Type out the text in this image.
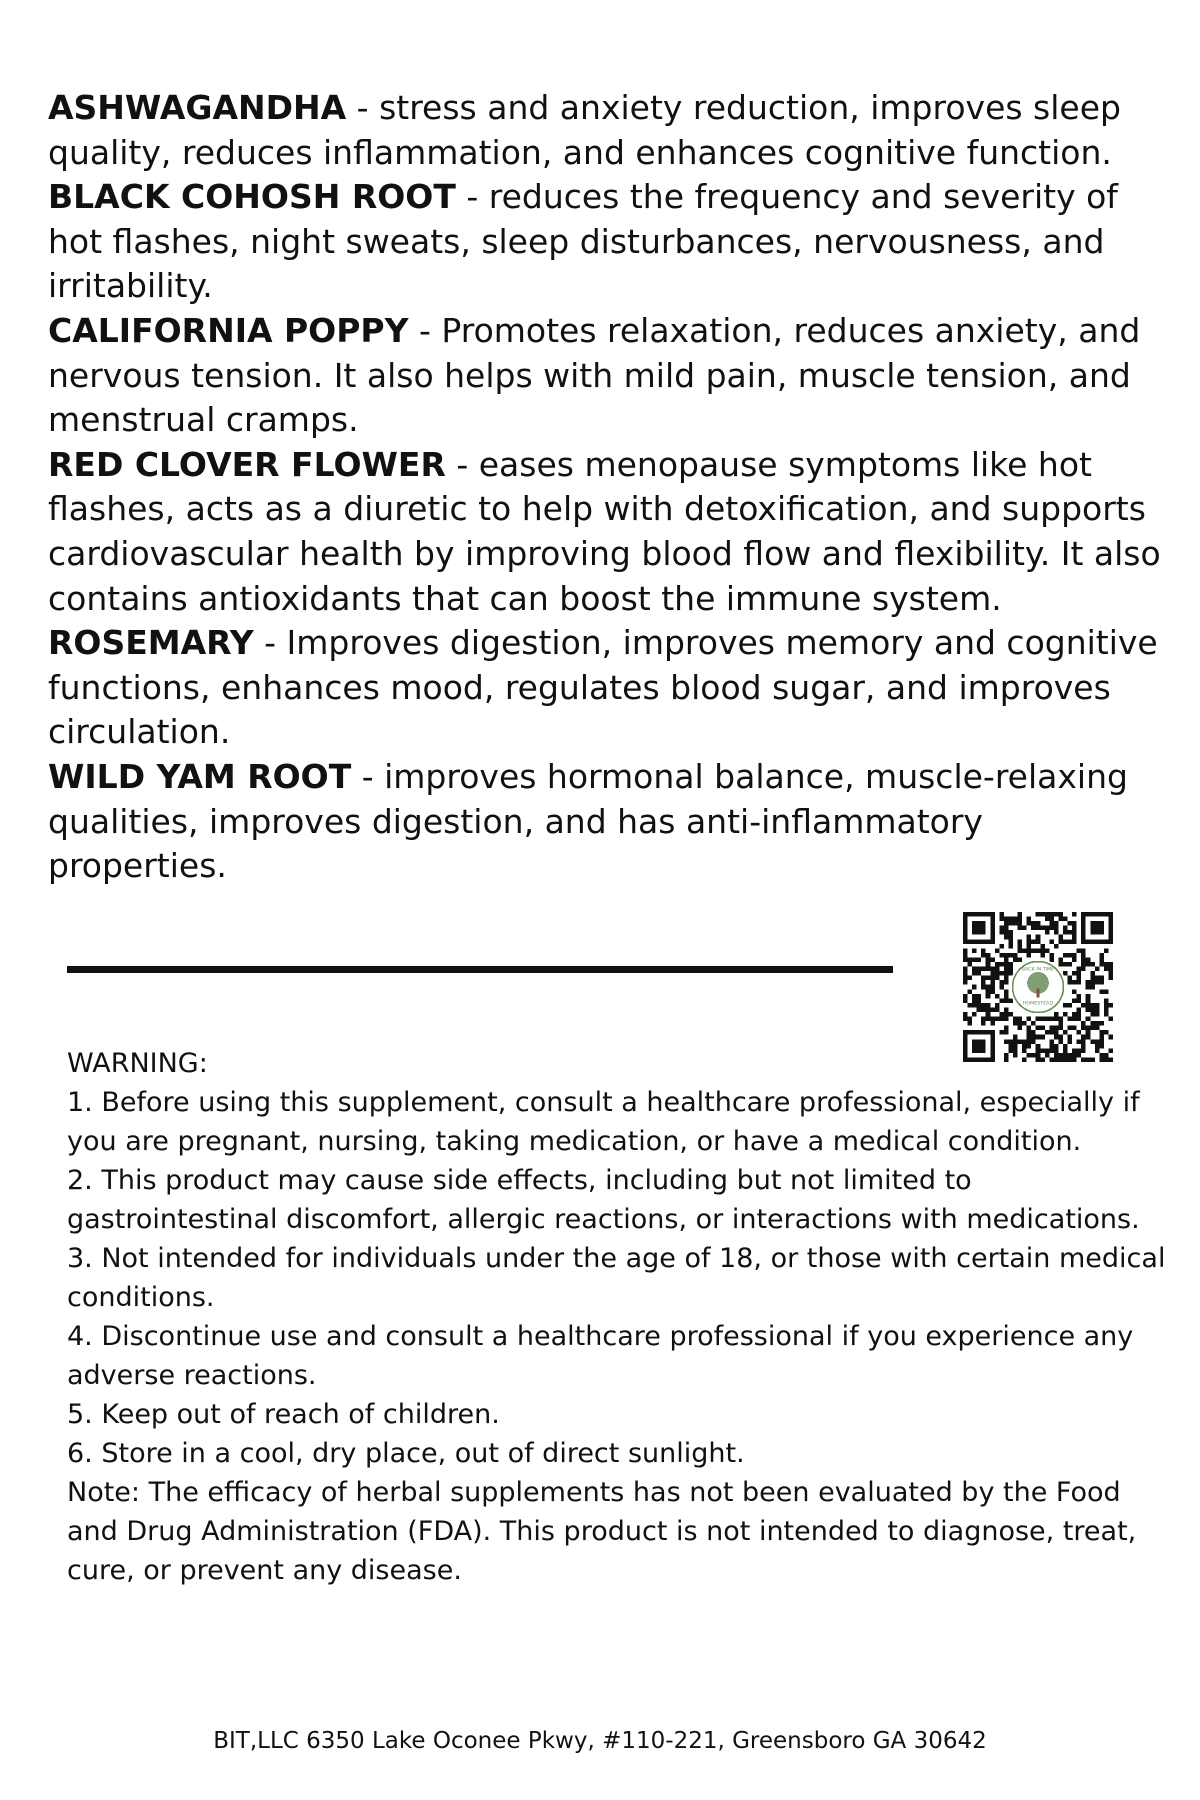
ASHWAGANDHA - stress and anxiety reduction, improves sleep quality, reduces inflammation, and enhances cognitive function.

BLACK COHOSH ROOT - reduces the frequency and severity of hot flashes, night sweats, sleep disturbances, nervousness, and irritability.

CALIFORNIA POPPY - Promotes relaxation, reduces anxiety, and nervous tension. It also helps with mild pain, muscle tension, and menstrual cramps.

RED CLOVER FLOWER - eases menopause symptoms like hot flashes, acts as a diuretic to help with detoxification, and supports cardiovascular health by improving blood flow and flexibility. It also contains antioxidants that can boost the immune system.

ROSEMARY - Improves digestion, improves memory and cognitive functions, enhances mood, regulates blood sugar, and improves circulation.

WILD YAM ROOT - improves hormonal balance, muscle-relaxing qualities, improves digestion, and has anti-inflammatory properties.

BACK IN TIME
HOMESTEAD

WARNING:

1. Before using this supplement, consult a healthcare professional, especially if you are pregnant, nursing, taking medication, or have a medical condition.

2. This product may cause side effects, including but not limited to gastrointestinal discomfort, allergic reactions, or interactions with medications.

3. Not intended for individuals under the age of 18, or those with certain medical conditions.

4. Discontinue use and consult a healthcare professional if you experience any adverse reactions.

5. Keep out of reach of children.

6. Store in a cool, dry place, out of direct sunlight.

Note: The efficacy of herbal supplements has not been evaluated by the Food and Drug Administration (FDA). This product is not intended to diagnose, treat, cure, or prevent any disease.

BIT,LLC 6350 Lake Oconee Pkwy, #110-221, Greensboro GA 30642
